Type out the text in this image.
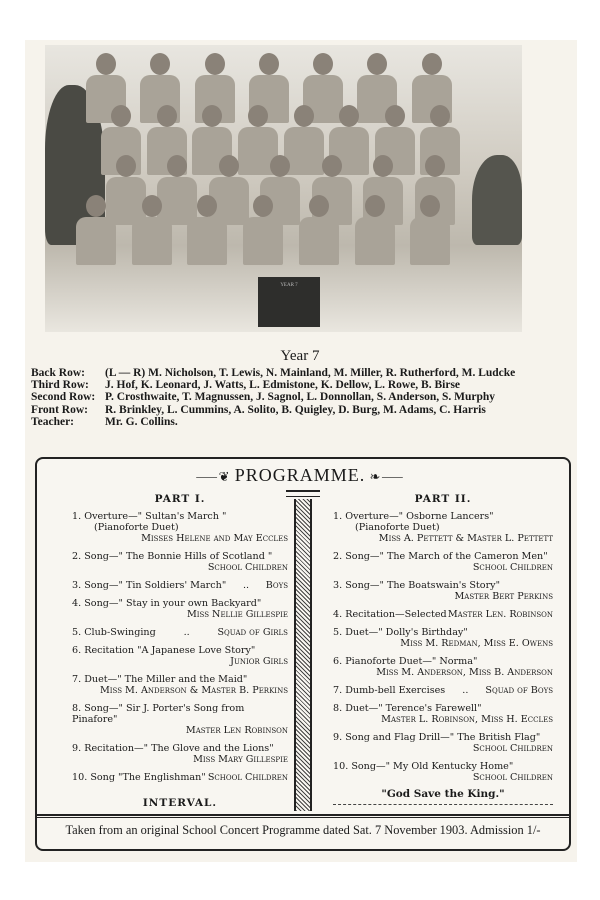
YEAR 7
Year 7
Back Row:	(L — R) M. Nicholson, T. Lewis, N. Mainland, M. Miller, R. Rutherford, M. Ludcke
Third Row:	J. Hof, K. Leonard, J. Watts, L. Edmistone, K. Dellow, L. Rowe, B. Birse
Second Row: P. Crosthwaite, T. Magnussen, J. Sagnol, L. Donnollan, S. Anderson, S. Murphy
Front Row:	R. Brinkley, L. Cummins, A. Solito, B. Quigley, D. Burg, M. Adams, C. Harris
Teacher:	Mr. G. Collins.
⸺❦ PROGRAMME. ❧⸺
PART I.
1. Overture—" Sultan's March "
(Pianoforte Duet)
Misses Helene and May Eccles
2. Song—" The Bonnie Hills of Scotland "
School Children
3. Song—" Tin Soldiers' March" .. Boys
4. Song—" Stay in your own Backyard"
Miss Nellie Gillespie
5. Club-Swinging	..	Squad of Girls
6. Recitation "A Japanese Love Story"
Junior Girls
7. Duet—" The Miller and the Maid"
Miss M. Anderson & Master B. Perkins
8. Song—" Sir J. Porter's Song from Pinafore"
Master Len Robinson
9. Recitation—" The Glove and the Lions"
Miss Mary Gillespie
10. Song "The Englishman" School Children
INTERVAL.
PART II.
1. Overture—" Osborne Lancers"
(Pianoforte Duet)
Miss A. Pettett & Master L. Pettett
2. Song—" The March of the Cameron Men"
School Children
3. Song—" The Boatswain's Story"
Master Bert Perkins
4. Recitation—Selected Master Len. Robinson
5. Duet—" Dolly's Birthday"
Miss M. Redman, Miss E. Owens
6. Pianoforte Duet—" Norma"
Miss M. Anderson, Miss B. Anderson
7. Dumb-bell Exercises .. Squad of Boys
8. Duet—" Terence's Farewell"
Master L. Robinson, Miss H. Eccles
9. Song and Flag Drill—" The British Flag"
School Children
10. Song—" My Old Kentucky Home"
School Children
"God Save the King."
Taken from an original School Concert Programme dated Sat. 7 November 1903. Admission 1/-
